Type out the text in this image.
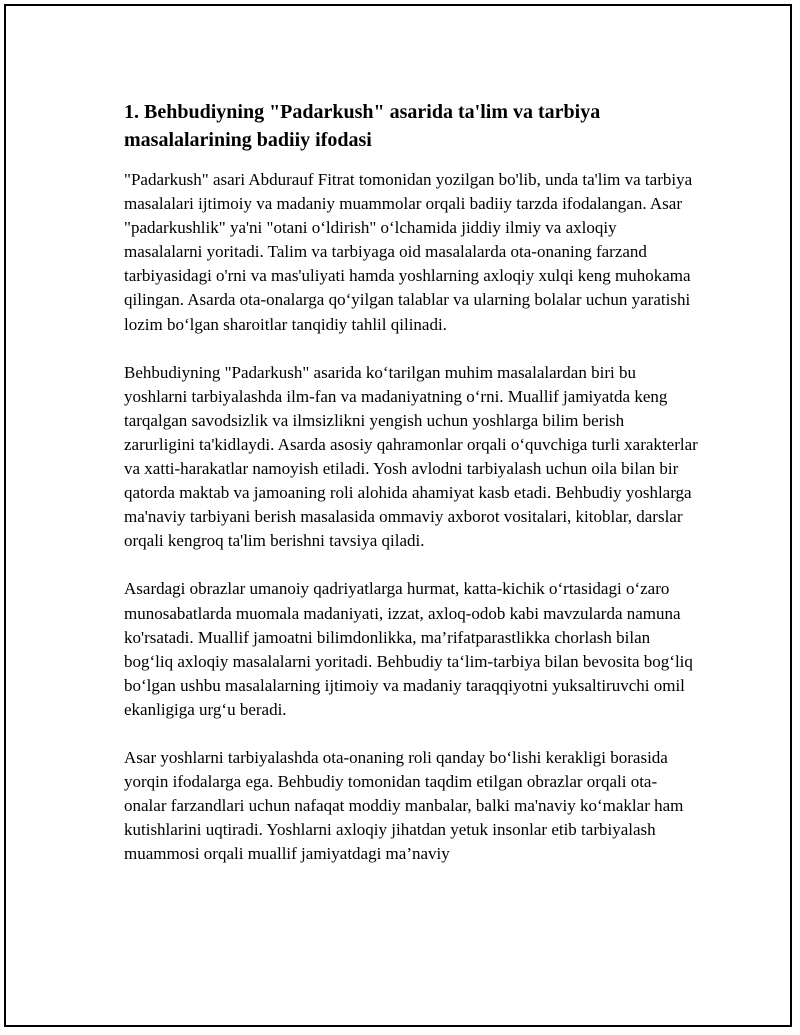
1. Behbudiyning "Padarkush" asarida ta'lim va tarbiya masalalarining badiiy ifodasi

"Padarkush" asari Abdurauf Fitrat tomonidan yozilgan bo'lib, unda ta'lim va tarbiya masalalari ijtimoiy va madaniy muammolar orqali badiiy tarzda ifodalangan. Asar "padarkushlik" ya'ni "otani o‘ldirish" o‘lchamida jiddiy ilmiy va axloqiy masalalarni yoritadi. Talim va tarbiyaga oid masalalarda ota-onaning farzand tarbiyasidagi o'rni va mas'uliyati hamda yoshlarning axloqiy xulqi keng muhokama qilingan. Asarda ota-onalarga qo‘yilgan talablar va ularning bolalar uchun yaratishi lozim bo‘lgan sharoitlar tanqidiy tahlil qilinadi.

Behbudiyning "Padarkush" asarida ko‘tarilgan muhim masalalardan biri bu yoshlarni tarbiyalashda ilm-fan va madaniyatning o‘rni. Muallif jamiyatda keng tarqalgan savodsizlik va ilmsizlikni yengish uchun yoshlarga bilim berish zarurligini ta'kidlaydi. Asarda asosiy qahramonlar orqali o‘quvchiga turli xarakterlar va xatti-harakatlar namoyish etiladi. Yosh avlodni tarbiyalash uchun oila bilan bir qatorda maktab va jamoaning roli alohida ahamiyat kasb etadi. Behbudiy yoshlarga ma'naviy tarbiyani berish masalasida ommaviy axborot vositalari, kitoblar, darslar orqali kengroq ta'lim berishni tavsiya qiladi.

Asardagi obrazlar umanoiy qadriyatlarga hurmat, katta-kichik o‘rtasidagi o‘zaro munosabatlarda muomala madaniyati, izzat, axloq-odob kabi mavzularda namuna ko'rsatadi. Muallif jamoatni bilimdonlikka, ma’rifatparastlikka chorlash bilan bog‘liq axloqiy masalalarni yoritadi. Behbudiy ta‘lim-tarbiya bilan bevosita bog‘liq bo‘lgan ushbu masalalarning ijtimoiy va madaniy taraqqiyotni yuksaltiruvchi omil ekanligiga urg‘u beradi.

Asar yoshlarni tarbiyalashda ota-onaning roli qanday bo‘lishi kerakligi borasida yorqin ifodalarga ega. Behbudiy tomonidan taqdim etilgan obrazlar orqali ota-onalar farzandlari uchun nafaqat moddiy manbalar, balki ma'naviy ko‘maklar ham kutishlarini uqtiradi. Yoshlarni axloqiy jihatdan yetuk insonlar etib tarbiyalash muammosi orqali muallif jamiyatdagi ma’naviy
